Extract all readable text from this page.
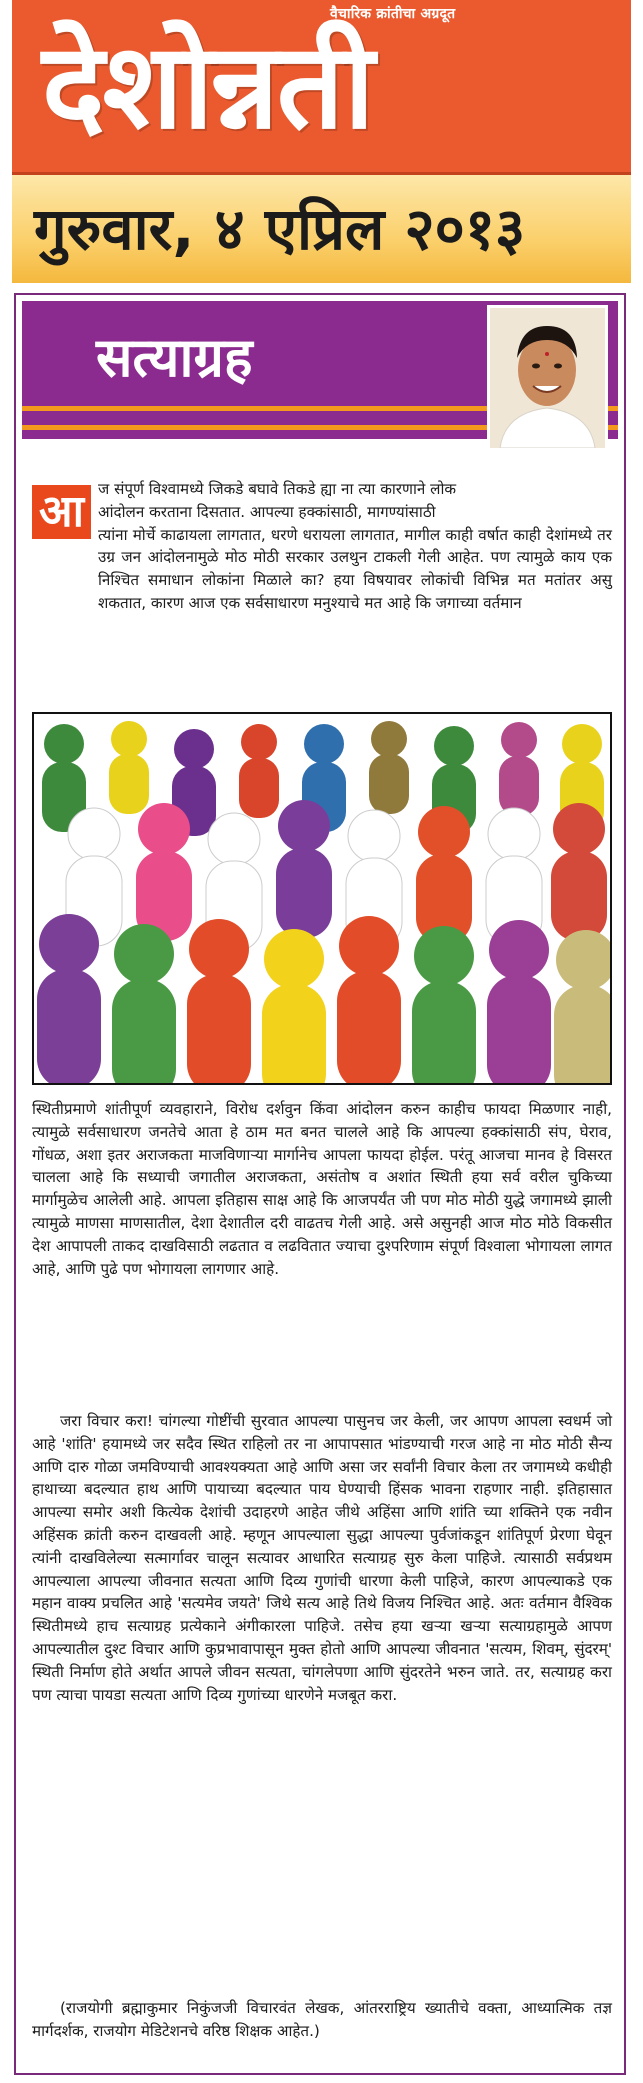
वैचारिक क्रांतीचा अग्रदूत
देशोन्नती
गुरुवार, ४ एप्रिल २०१३
सत्याग्रह
आ ज संपूर्ण विश्वामध्ये जिकडे बघावे तिकडे ह्या ना त्या कारणाने लोक
आंदोलन करताना दिसतात. आपल्या हक्कांसाठी, मागण्यांसाठी
त्यांना मोर्चे काढायला लागतात, धरणे धरायला लागतात, मागील काही वर्षात काही देशांमध्ये तर उग्र जन आंदोलनामुळे मोठ मोठी सरकार उलथुन टाकली गेली आहेत. पण त्यामुळे काय एक निश्चित समाधान लोकांना मिळाले का? हया विषयावर लोकांची विभिन्न मत मतांतर असु शकतात, कारण आज एक सर्वसाधारण मनुश्याचे मत आहे कि जगाच्या वर्तमान
स्थितीप्रमाणे शांतीपूर्ण व्यवहाराने, विरोध दर्शवुन किंवा आंदोलन करुन काहीच फायदा मिळणार नाही, त्यामुळे सर्वसाधारण जनतेचे आता हे ठाम मत बनत चालले आहे कि आपल्या हक्कांसाठी संप, घेराव, गोंधळ, अशा इतर अराजकता माजविणाऱ्या मार्गानेच आपला फायदा होईल. परंतू आजचा मानव हे विसरत चालला आहे कि सध्याची जगातील अराजकता, असंतोष व अशांत स्थिती हया सर्व वरील चुकिच्या मार्गामुळेच आलेली आहे. आपला इतिहास साक्ष आहे कि आजपर्यंत जी पण मोठ मोठी युद्धे जगामध्ये झाली त्यामुळे माणसा माणसातील, देशा देशातील दरी वाढतच गेली आहे. असे असुनही आज मोठ मोठे विकसीत देश आपापली ताकद दाखविसाठी लढतात व लढवितात ज्याचा दुश्परिणाम संपूर्ण विश्वाला भोगायला लागत आहे, आणि पुढे पण भोगायला लागणार आहे.
जरा विचार करा! चांगल्या गोष्टींची सुरवात आपल्या पासुनच जर केली, जर आपण आपला स्वधर्म जो आहे 'शांति' हयामध्ये जर सदैव स्थित राहिलो तर ना आपापसात भांडण्याची गरज आहे ना मोठ मोठी सैन्य आणि दारु गोळा जमविण्याची आवश्यक्यता आहे आणि असा जर सर्वांनी विचार केला तर जगामध्ये कधीही हाथाच्या बदल्यात हाथ आणि पायाच्या बदल्यात पाय घेण्याची हिंसक भावना राहणार नाही. इतिहासात आपल्या समोर अशी कित्येक देशांची उदाहरणे आहेत जीथे अहिंसा आणि शांति च्या शक्तिने एक नवीन अहिंसक क्रांती करुन दाखवली आहे. म्हणून आपल्याला सुद्धा आपल्या पुर्वजांकडून शांतिपूर्ण प्रेरणा घेवून त्यांनी दाखविलेल्या सत्मार्गावर चालून सत्यावर आधारित सत्याग्रह सुरु केला पाहिजे. त्यासाठी सर्वप्रथम आपल्याला आपल्या जीवनात सत्यता आणि दिव्य गुणांची धारणा केली पाहिजे, कारण आपल्याकडे एक महान वाक्य प्रचलित आहे 'सत्यमेव जयते' जिथे सत्य आहे तिथे विजय निश्चित आहे. अतः वर्तमान वैश्विक स्थितीमध्ये हाच सत्याग्रह प्रत्येकाने अंगीकारला पाहिजे. तसेच हया खऱ्या खऱ्या सत्याग्रहामुळे आपण आपल्यातील दुश्ट विचार आणि कुप्रभावापासून मुक्त होतो आणि आपल्या जीवनात 'सत्यम, शिवम्, सुंदरम्' स्थिती निर्माण होते अर्थात आपले जीवन सत्यता, चांगलेपणा आणि सुंदरतेने भरुन जाते. तर, सत्याग्रह करा पण त्याचा पायडा सत्यता आणि दिव्य गुणांच्या धारणेने मजबूत करा.
(राजयोगी ब्रह्माकुमार निकुंजजी विचारवंत लेखक, आंतरराष्ट्रिय ख्यातीचे वक्ता, आध्यात्मिक तज्ञ मार्गदर्शक, राजयोग मेडिटेशनचे वरिष्ठ शिक्षक आहेत.)
